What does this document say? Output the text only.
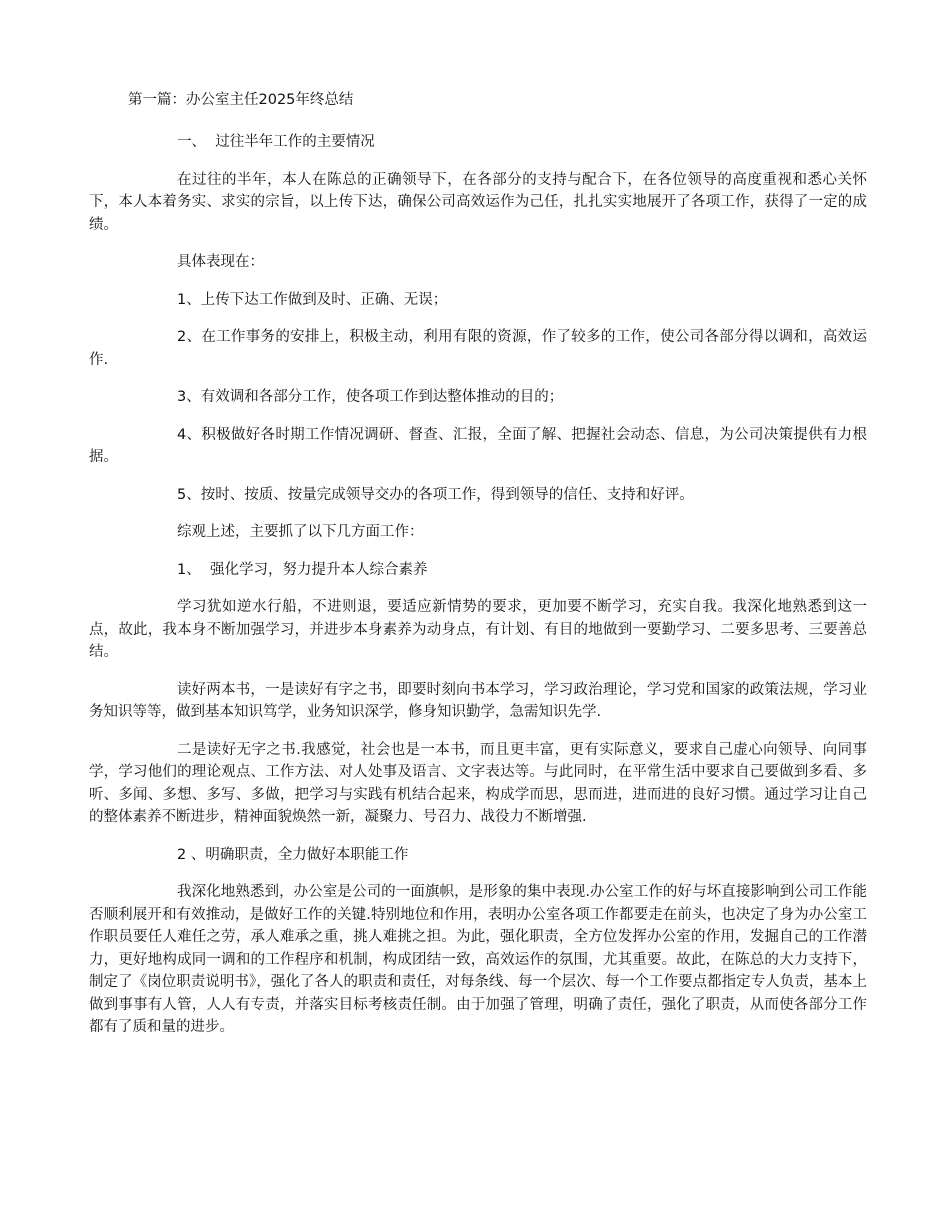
第一篇：办公室主任2025年终总结

一、  过往半年工作的主要情况

在过往的半年，本人在陈总的正确领导下，在各部分的支持与配合下，在各位领导的高度重视和悉心关怀下，本人本着务实、求实的宗旨，以上传下达，确保公司高效运作为己任，扎扎实实地展开了各项工作，获得了一定的成绩。

具体表现在：

1、上传下达工作做到及时、正确、无误；

2、在工作事务的安排上，积极主动，利用有限的资源，作了较多的工作，使公司各部分得以调和，高效运作.

3、有效调和各部分工作，使各项工作到达整体推动的目的；

4、积极做好各时期工作情况调研、督查、汇报，全面了解、把握社会动态、信息，为公司决策提供有力根据。

5、按时、按质、按量完成领导交办的各项工作，得到领导的信任、支持和好评。

综观上述，主要抓了以下几方面工作：

1、  强化学习，努力提升本人综合素养

学习犹如逆水行船，不进则退，要适应新情势的要求，更加要不断学习，充实自我。我深化地熟悉到这一点，故此，我本身不断加强学习，并进步本身素养为动身点，有计划、有目的地做到一要勤学习、二要多思考、三要善总结。

读好两本书，一是读好有字之书，即要时刻向书本学习，学习政治理论，学习党和国家的政策法规，学习业务知识等等，做到基本知识笃学，业务知识深学，修身知识勤学，急需知识先学.

二是读好无字之书.我感觉，社会也是一本书，而且更丰富，更有实际意义，要求自己虚心向领导、向同事学，学习他们的理论观点、工作方法、对人处事及语言、文字表达等。与此同时，在平常生活中要求自己要做到多看、多听、多闻、多想、多写、多做，把学习与实践有机结合起来，构成学而思，思而进，进而进的良好习惯。通过学习让自己的整体素养不断进步，精神面貌焕然一新，凝聚力、号召力、战役力不断增强.

2 、明确职责，全力做好本职能工作

我深化地熟悉到，办公室是公司的一面旗帜，是形象的集中表现.办公室工作的好与坏直接影响到公司工作能否顺利展开和有效推动，是做好工作的关键.特别地位和作用，表明办公室各项工作都要走在前头，也决定了身为办公室工作职员要任人难任之劳，承人难承之重，挑人难挑之担。为此，强化职责，全方位发挥办公室的作用，发掘自己的工作潜力，更好地构成同一调和的工作程序和机制，构成团结一致，高效运作的氛围，尤其重要。故此，在陈总的大力支持下，制定了《岗位职责说明书》，强化了各人的职责和责任，对每条线、每一个层次、每一个工作要点都指定专人负责，基本上做到事事有人管，人人有专责，并落实目标考核责任制。由于加强了管理，明确了责任，强化了职责，从而使各部分工作都有了质和量的进步。
